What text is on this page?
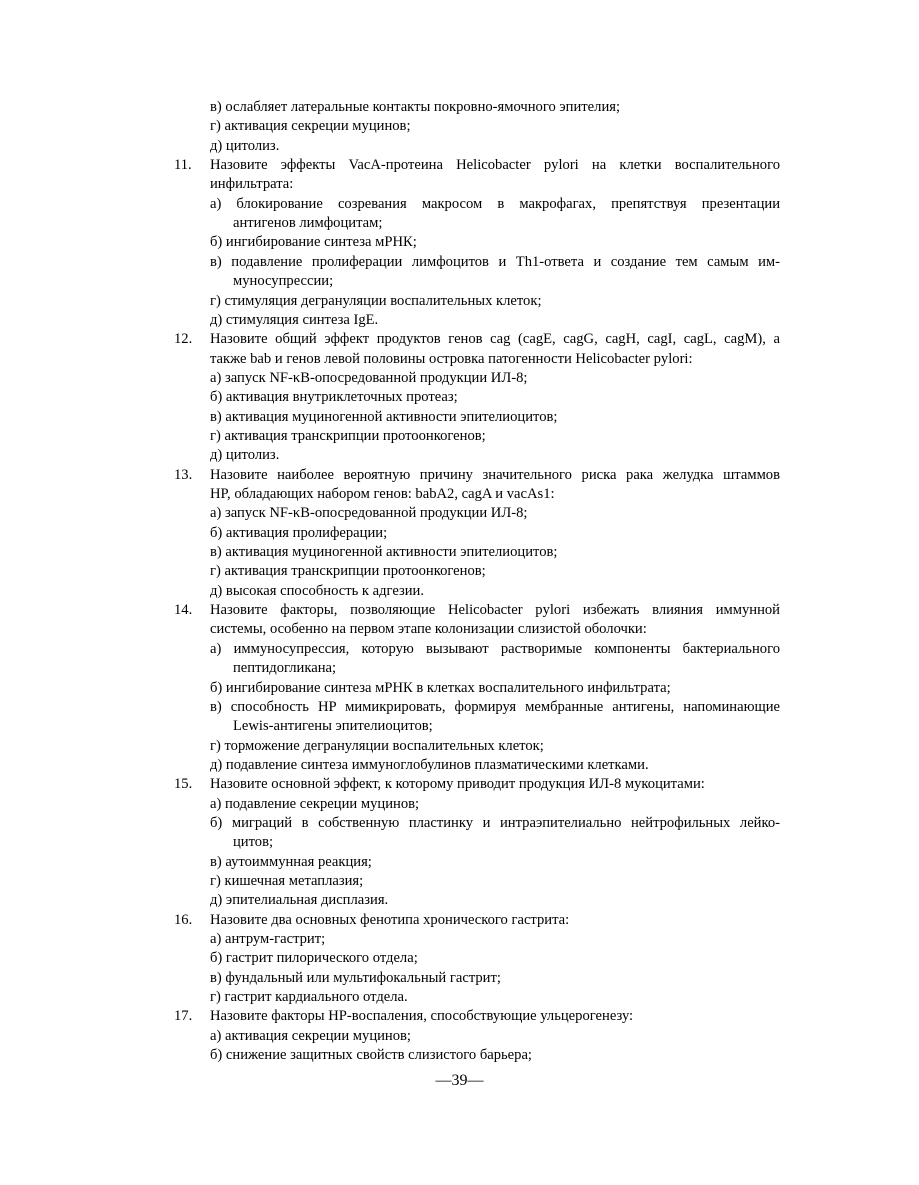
в) ослабляет латеральные контакты покровно-ямочного эпителия;
г) активация секреции муцинов;
д) цитолиз.
11. Назовите эффекты VacA-протеина Helicobacter pylori на клетки воспалительного
инфильтрата:
а) блокирование созревания макросом в макрофагах, препятствуя презентации
антигенов лимфоцитам;
б) ингибирование синтеза мРНК;
в) подавление пролиферации лимфоцитов и Th1-ответа и создание тем самым им-
муносупрессии;
г) стимуляция дегрануляции воспалительных клеток;
д) стимуляция синтеза IgE.
12. Назовите общий эффект продуктов генов cag (cagE, cagG, cagH, cagI, cagL, cagM), а
также bab и генов левой половины островка патогенности Helicobacter pylori:
а) запуск NF-κB-опосредованной продукции ИЛ-8;
б) активация внутриклеточных протеаз;
в) активация муциногенной активности эпителиоцитов;
г) активация транскрипции протоонкогенов;
д) цитолиз.
13. Назовите наиболее вероятную причину значительного риска рака желудка штаммов
HP, обладающих набором генов: babA2, cagA и vacAs1:
а) запуск NF-κB-опосредованной продукции ИЛ-8;
б) активация пролиферации;
в) активация муциногенной активности эпителиоцитов;
г) активация транскрипции протоонкогенов;
д) высокая способность к адгезии.
14. Назовите факторы, позволяющие Helicobacter pylori избежать влияния иммунной
системы, особенно на первом этапе колонизации слизистой оболочки:
а) иммуносупрессия, которую вызывают растворимые компоненты бактериального
пептидогликана;
б) ингибирование синтеза мРНК в клетках воспалительного инфильтрата;
в) способность HP мимикрировать, формируя мембранные антигены, напоминающие
Lewis-антигены эпителиоцитов;
г) торможение дегрануляции воспалительных клеток;
д) подавление синтеза иммуноглобулинов плазматическими клетками.
15. Назовите основной эффект, к которому приводит продукция ИЛ-8 мукоцитами:
а) подавление секреции муцинов;
б) миграций в собственную пластинку и интраэпителиально нейтрофильных лейко-
цитов;
в) аутоиммунная реакция;
г) кишечная метаплазия;
д) эпителиальная дисплазия.
16. Назовите два основных фенотипа хронического гастрита:
а) антрум-гастрит;
б) гастрит пилорического отдела;
в) фундальный или мультифокальный гастрит;
г) гастрит кардиального отдела.
17. Назовите факторы HP-воспаления, способствующие ульцерогенезу:
а) активация секреции муцинов;
б) снижение защитных свойств слизистого барьера;
—39—
